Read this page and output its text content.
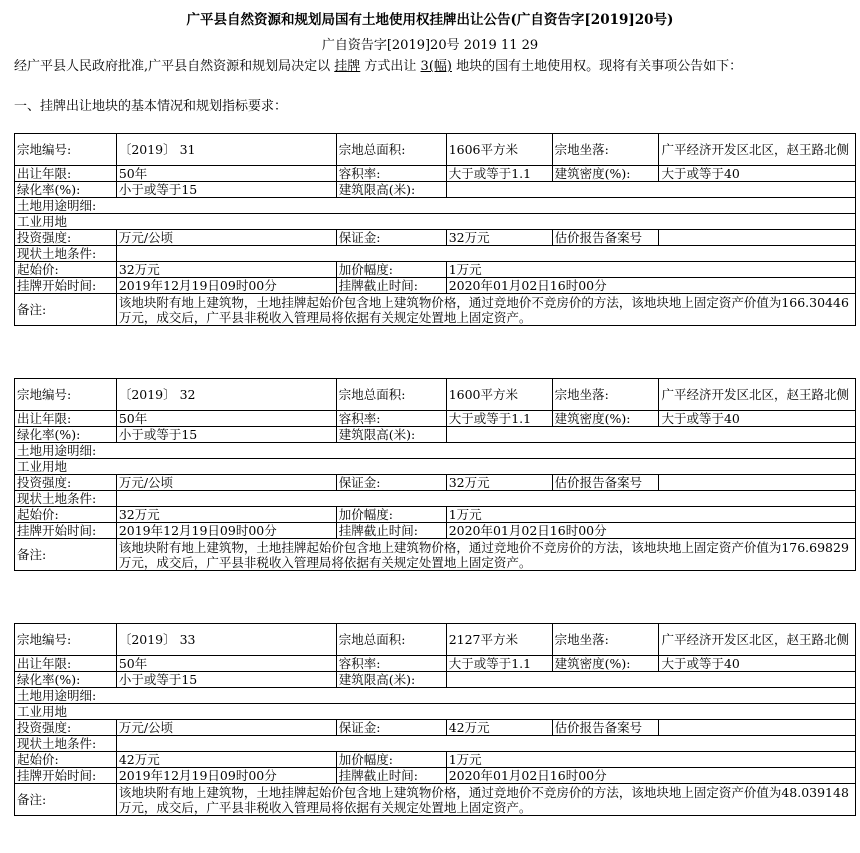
广平县自然资源和规划局国有土地使用权挂牌出让公告(广自资告字[2019]20号)
广自资告字[2019]20号 2019 11 29
经广平县人民政府批准,广平县自然资源和规划局决定以 挂牌 方式出让 3(幅) 地块的国有土地使用权。现将有关事项公告如下：
一、挂牌出让地块的基本情况和规划指标要求：
宗地编号:	〔2019〕 31	宗地总面积:	1606平方米	宗地坐落:	广平经济开发区北区，赵王路北侧
出让年限:	50年	容积率:	大于或等于1.1	建筑密度(%):	大于或等于40
绿化率(%):	小于或等于15	建筑限高(米):			
土地用途明细:					
工业用地					
投资强度:	万元/公顷	保证金:	32万元	估价报告备案号	
现状土地条件:					
起始价:	32万元	加价幅度:	1万元		
挂牌开始时间:	2019年12月19日09时00分	挂牌截止时间:	2020年01月02日16时00分		
备注:	该地块附有地上建筑物，土地挂牌起始价包含地上建筑物价格，通过竞地价不竞房价的方法，该地块地上固定资产价值为166.30446万元，成交后，广平县非税收入管理局将依据有关规定处置地上固定资产。				
宗地编号:	〔2019〕 32	宗地总面积:	1600平方米	宗地坐落:	广平经济开发区北区，赵王路北侧
出让年限:	50年	容积率:	大于或等于1.1	建筑密度(%):	大于或等于40
绿化率(%):	小于或等于15	建筑限高(米):			
土地用途明细:					
工业用地					
投资强度:	万元/公顷	保证金:	32万元	估价报告备案号	
现状土地条件:					
起始价:	32万元	加价幅度:	1万元		
挂牌开始时间:	2019年12月19日09时00分	挂牌截止时间:	2020年01月02日16时00分		
备注:	该地块附有地上建筑物，土地挂牌起始价包含地上建筑物价格，通过竞地价不竞房价的方法，该地块地上固定资产价值为176.69829万元，成交后，广平县非税收入管理局将依据有关规定处置地上固定资产。				
宗地编号:	〔2019〕 33	宗地总面积:	2127平方米	宗地坐落:	广平经济开发区北区，赵王路北侧
出让年限:	50年	容积率:	大于或等于1.1	建筑密度(%):	大于或等于40
绿化率(%):	小于或等于15	建筑限高(米):			
土地用途明细:					
工业用地					
投资强度:	万元/公顷	保证金:	42万元	估价报告备案号	
现状土地条件:					
起始价:	42万元	加价幅度:	1万元		
挂牌开始时间:	2019年12月19日09时00分	挂牌截止时间:	2020年01月02日16时00分		
备注:	该地块附有地上建筑物，土地挂牌起始价包含地上建筑物价格，通过竞地价不竞房价的方法，该地块地上固定资产价值为48.039148万元，成交后，广平县非税收入管理局将依据有关规定处置地上固定资产。				
